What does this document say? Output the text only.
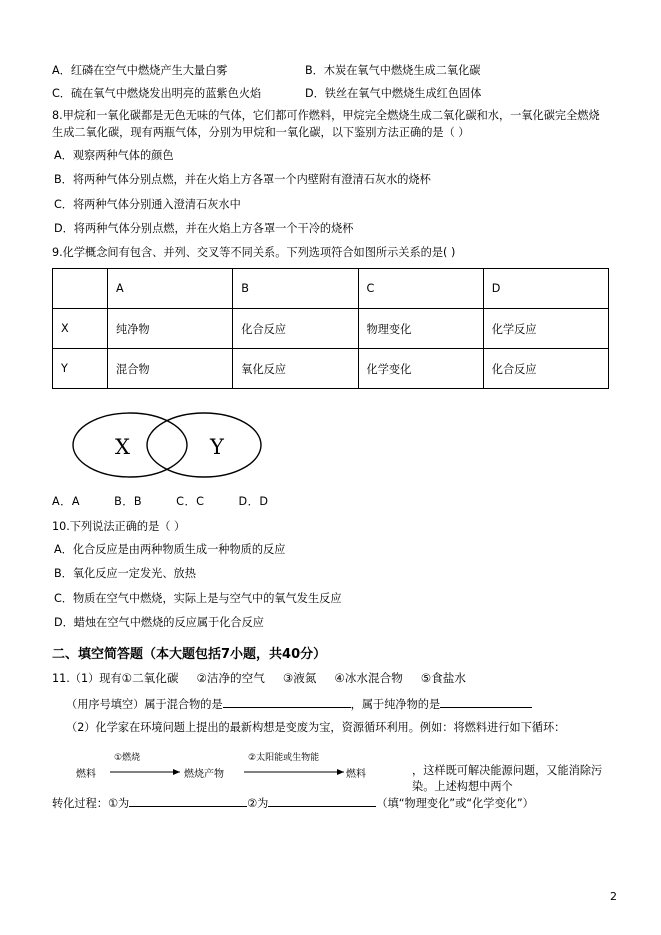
A．红磷在空气中燃烧产生大量白雾	B．木炭在氧气中燃烧生成二氧化碳
C．硫在氧气中燃烧发出明亮的蓝紫色火焰	D．铁丝在氧气中燃烧生成红色固体
8.甲烷和一氧化碳都是无色无味的气体，它们都可作燃料，甲烷完全燃烧生成二氧化碳和水，一氧化碳完全燃烧生成二氧化碳，现有两瓶气体，分别为甲烷和一氧化碳，以下鉴别方法正确的是（ ）
A．观察两种气体的颜色
B．将两种气体分别点燃，并在火焰上方各罩一个内壁附有澄清石灰水的烧杯
C．将两种气体分别通入澄清石灰水中
D．将两种气体分别点燃，并在火焰上方各罩一个干冷的烧杯
9.化学概念间有包含、并列、交叉等不同关系。下列选项符合如图所示关系的是( )
	A	B	C	D
X	纯净物	化合反应	物理变化	化学反应
Y	混合物	氧化反应	化学变化	化合反应
X	Y
A．A	B．B	C．C	D．D
10.下列说法正确的是（ ）
A．化合反应是由两种物质生成一种物质的反应
B．氧化反应一定发光、放热
C．物质在空气中燃烧，实际上是与空气中的氧气发生反应
D．蜡烛在空气中燃烧的反应属于化合反应
二、填空简答题（本大题包括7小题，共40分）
11.（1）现有①二氧化碳 ②洁净的空气 ③液氮 ④冰水混合物 ⑤食盐水
（用序号填空）属于混合物的是	，属于纯净物的是
（2）化学家在环境问题上提出的最新构想是变废为宝，资源循环利用。例如：将燃料进行如下循环：
燃料
①燃烧
燃烧产物
②太阳能或生物能
燃料	，这样既可解决能源问题，又能消除污染。上述构想中两个
转化过程：①为	②为	（填“物理变化”或“化学变化”）
2
